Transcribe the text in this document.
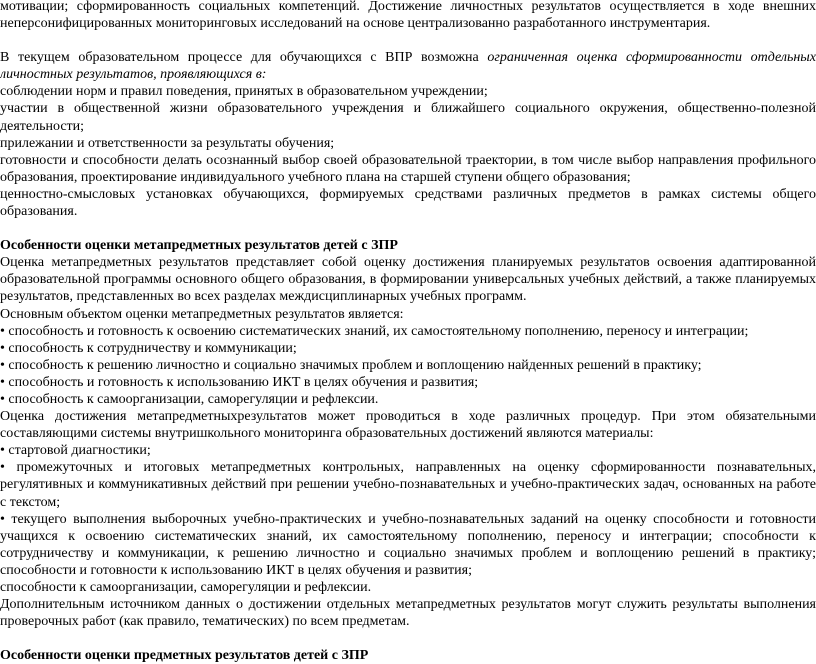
мотивации; сформированность социальных компетенций. Достижение личностных результатов осуществляется в ходе внешних неперсонифицированных мониторинговых исследований на основе централизованно разработанного инструментария.

В текущем образовательном процессе для обучающихся с ВПР возможна ограниченная оценка сформированности отдельных личностных результатов, проявляющихся в:

соблюдении норм и правил поведения, принятых в образовательном учреждении;

участии в общественной жизни образовательного учреждения и ближайшего социального окружения, общественно-полезной деятельности;

прилежании и ответственности за результаты обучения;

готовности и способности делать осознанный выбор своей образовательной траектории, в том числе выбор направления профильного образования, проектирование индивидуального учебного плана на старшей ступени общего образования;

ценностно-смысловых установках обучающихся, формируемых средствами различных предметов в рамках системы общего образования.

Особенности оценки метапредметных результатов детей с ЗПР

Оценка метапредметных результатов представляет собой оценку достижения планируемых результатов освоения адаптированной образовательной программы основного общего образования, в формировании универсальных учебных действий, а также планируемых результатов, представленных во всех разделах междисциплинарных учебных программ.

Основным объектом оценки метапредметных результатов является:

• способность и готовность к освоению систематических знаний, их самостоятельному пополнению, переносу и интеграции;

• способность к сотрудничеству и коммуникации;

• способность к решению личностно и социально значимых проблем и воплощению найденных решений в практику;

• способность и готовность к использованию ИКТ в целях обучения и развития;

• способность к самоорганизации, саморегуляции и рефлексии.

Оценка достижения метапредметныхрезультатов может проводиться в ходе различных процедур. При этом обязательными составляющими системы внутришкольного мониторинга образовательных достижений являются материалы:

• стартовой диагностики;

• промежуточных и итоговых метапредметных контрольных, направленных на оценку сформированности познавательных, регулятивных и коммуникативных действий при решении учебно-познавательных и учебно-практических задач, основанных на работе с текстом;

• текущего выполнения выборочных учебно-практических и учебно-познавательных заданий на оценку способности и готовности учащихся к освоению систематических знаний, их самостоятельному пополнению, переносу и интеграции; способности к сотрудничеству и коммуникации, к решению личностно и социально значимых проблем и воплощению решений в практику; способности и готовности к использованию ИКТ в целях обучения и развития;

способности к самоорганизации, саморегуляции и рефлексии.

Дополнительным источником данных о достижении отдельных метапредметных результатов могут служить результаты выполнения проверочных работ (как правило, тематических) по всем предметам.

Особенности оценки предметных результатов детей с ЗПР
